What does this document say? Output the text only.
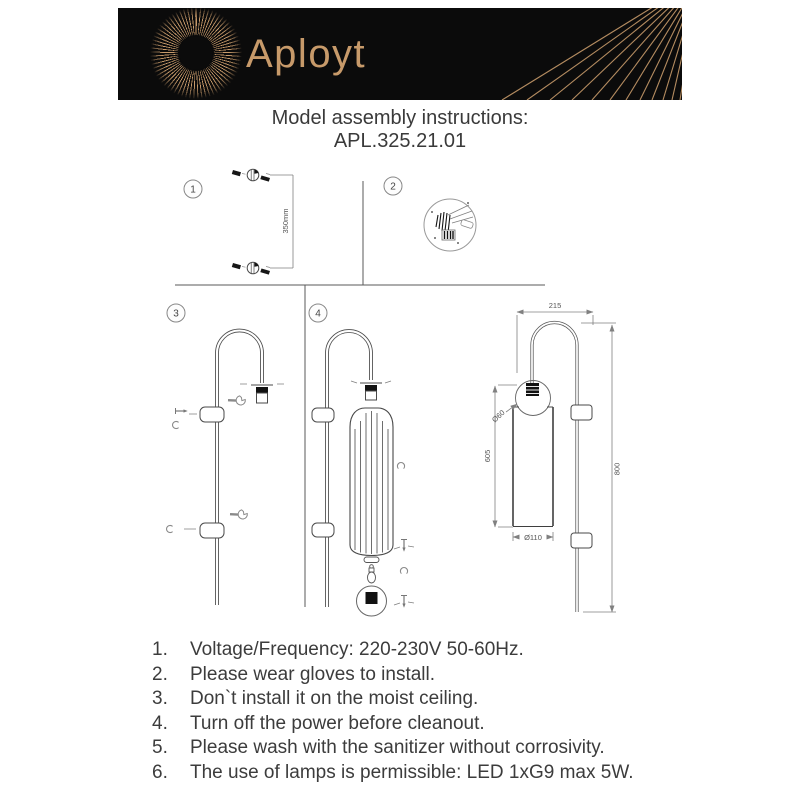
Aployt
Model assembly instructions:
APL.325.21.01
1
350mm
2
3	4
215
800
605
Ø110
Ø60
1.	Voltage/Frequency: 220-230V 50-60Hz.
2.	Please wear gloves to install.
3.	Don`t install it on the moist ceiling.
4.	Turn off the power before cleanout.
5.	Please wash with the sanitizer without corrosivity.
6.	The use of lamps is permissible: LED 1xG9 max 5W.
